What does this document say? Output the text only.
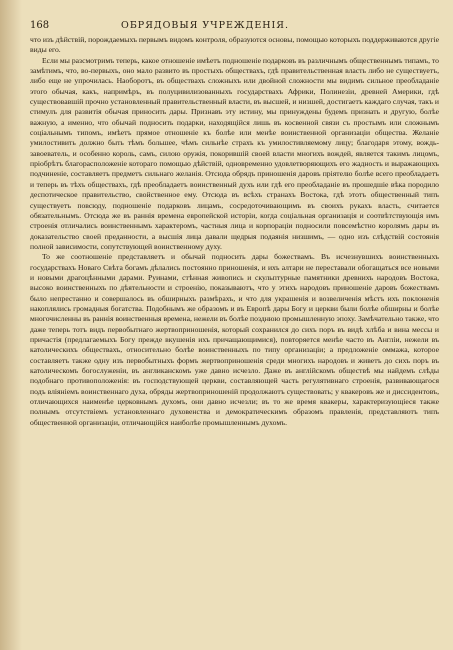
168	ОБРЯДОВЫЯ УЧРЕЖДЕНІЯ.

что изъ дѣйствій, порождаемыхъ первымъ видомъ контроля, образуются основы, помощью которыхъ поддерживаются другіе виды его.

Если мы разсмотримъ теперь, какое отношеніе имѣетъ подношеніе подарковъ въ различнымъ общественнымъ типамъ, то замѣтимъ, что, во-первыхъ, оно мало развито въ простыхъ обществахъ, гдѣ правительственная власть либо не существуетъ, либо еще не упрочилась. Наоборотъ, въ обществахъ сложныхъ или двойной сложности мы видимъ сильное преобладаніе этого обычая, какъ, напримѣръ, въ полуцивилизованныхъ государствахъ Африки, Полинезіи, древней Америки, гдѣ существовавшій прочно установленный правительственный власти, въ высшей, и низшей, достигаетъ каждаго случая, такъ и стимулъ для развитія обычая приносить дары. Признавъ эту истину, мы принуждены будемъ признать и другую, болѣе важную, а именно, что обычай подносить подарки, находящійся лишь въ косвенной связи съ простымъ или сложнымъ соціальнымъ типомъ, имѣетъ прямое отношеніе къ болѣе или менѣе воинственной организаціи общества. Желаніе умилостивить должно быть тѣмъ большее, чѣмъ сильнѣе страхъ къ умилостивляемому лицу; благодаря этому, вождь-завоеватель, и особенно король, самъ, силою оружія, покорившій своей власти многихъ вождей, является такимъ лицомъ, пріобрѣтъ благорасположеніе котораго помощью дѣйствій, одновременно удовлетворяющихъ его жадность и выражающихъ подчиненіе, составляетъ предметъ сильнаго желанія. Отсюда обрядъ приношенія даровъ пріятелю болѣе всего преобладаетъ и теперь въ тѣхъ обществахъ, гдѣ преобладаетъ воинственный духъ или гдѣ его преобладаніе въ прошедшіе вѣка породило деспотическое правительство, свойственное ему. Отсюда въ всѣхъ странахъ Востока, гдѣ этотъ общественный типъ существуетъ повсюду, подношеніе подарковъ лицамъ, сосредоточивающимъ въ своихъ рукахъ власть, считается обязательнымъ. Отсюда же въ раннія времена европейской исторіи, когда соціальная организація и соотвѣтствующія имъ строенія отличались воинственнымъ характеромъ, частныя лица и корпораціи подносили повсемѣстно королямъ дары въ доказательство своей преданности, а высшія лица давали щедрыя подаянія низшимъ, — одно изъ слѣдствій состоянія полной зависимости, сопутствующей воинственному духу.

То же соотношеніе представляетъ и обычай подносить дары божествамъ. Въ исчезнувшихъ воинственныхъ государствахъ Новаго Свѣта богамъ дѣлались постоянно приношенія, и ихъ алтари не переставали обогащаться все новыми и новыми драгоцѣнными дарами. Руинами, стѣнная живопись и скульптурные памятники древнихъ народовъ Востока, высоко воинственныхъ по дѣятельности и строенію, показываютъ, что у этихъ народовъ приношеніе даровъ божествамъ было непрестанно и совершалось въ обширныхъ размѣрахъ, и что для украшенія и возвеличенія мѣстъ ихъ поклоненія накоплялись громадныя богатства. Подобнымъ же образомъ и въ Европѣ дары Богу и церкви были болѣе обширны и болѣе многочисленны въ раннія воинственныя времена, нежели въ болѣе позднюю промышленную эпоху. Замѣчательно также, что даже теперь тотъ видъ первобытнаго жертвоприношенія, который сохранился до сихъ поръ въ видѣ хлѣба и вина мессы и причастія (предлагаемыхъ Богу прежде вкушенія ихъ причащающимися), повторяется менѣе часто въ Англіи, нежели въ католическихъ обществахъ, относительно болѣе воинственныхъ по типу организаціи; а предложеніе оммажа, которое составляетъ также одну изъ первобытныхъ формъ жертвоприношенія среди многихъ народовъ и живетъ до сихъ поръ въ католическомъ богослуженіи, въ англиканскомъ уже давно исчезло. Даже въ англійскомъ обществѣ мы найдемъ слѣды подобнаго противоположенія: въ господствующей церкви, составляющей часть регулятивнаго строенія, развивающагося подъ вліяніемъ воинственнаго духа, обряды жертвоприношеній продолжаютъ существовать; у квакеровъ же и диссидентовъ, отличающихся наименѣе церковнымъ духомъ, они давно исчезли; въ то же время квакеры, характеризующіеся также полнымъ отсутствіемъ установленнаго духовенства и демократическимъ образомъ правленія, представляютъ типъ общественной организаціи, отличающійся наиболѣе промышленнымъ духомъ.
